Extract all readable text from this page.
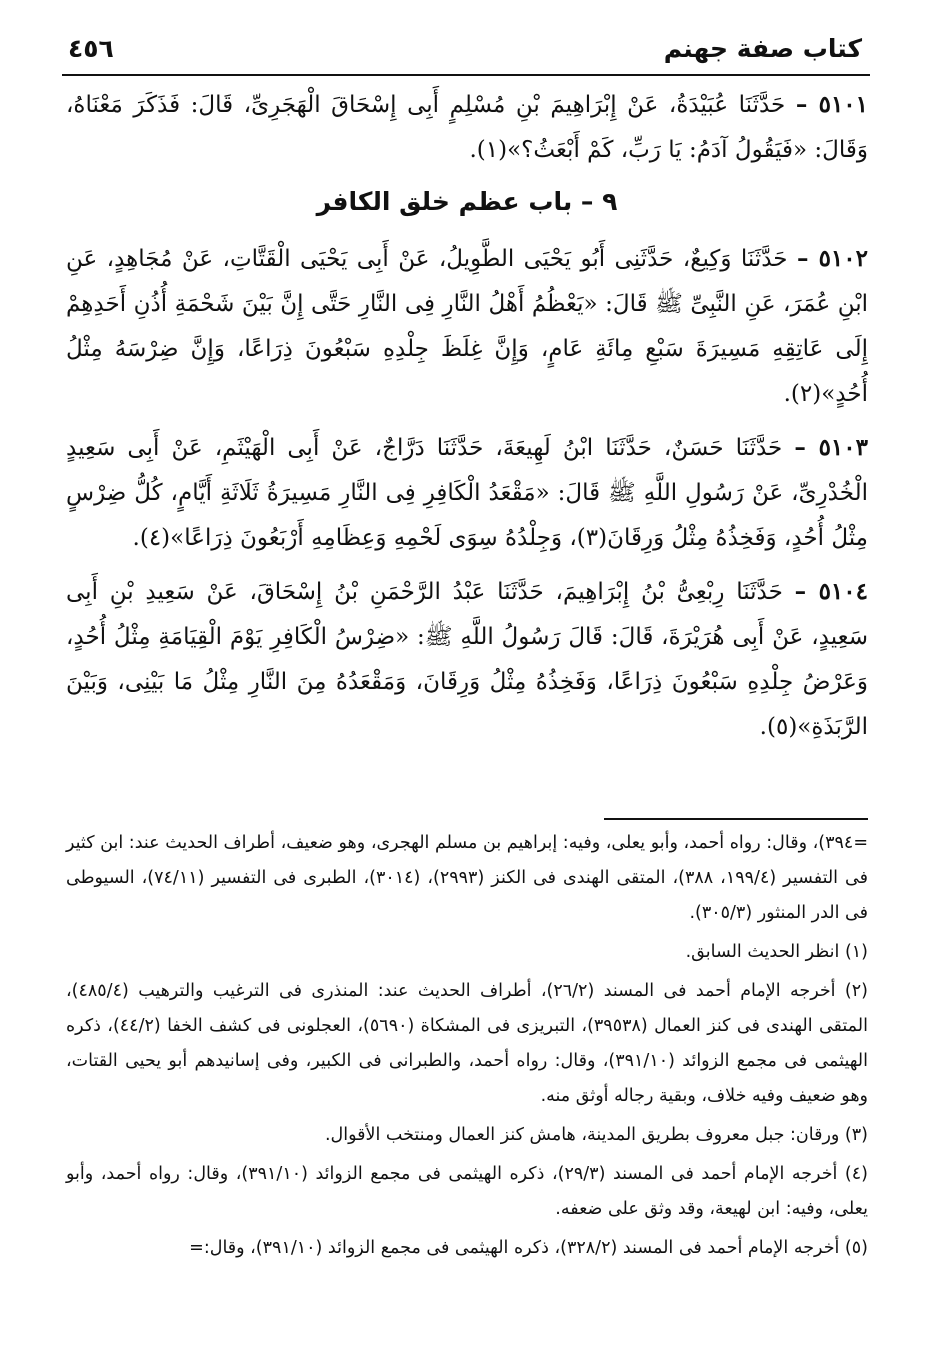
كتاب صفة جهنم
٤٥٦

٥١٠١ – حَدَّثَنَا عُبَيْدَةُ، عَنْ إِبْرَاهِيمَ بْنِ مُسْلِمٍ أَبِى إِسْحَاقَ الْهَجَرِىِّ، قَالَ: فَذَكَرَ مَعْنَاهُ، وَقَالَ: «فَيَقُولُ آدَمُ: يَا رَبِّ، كَمْ أَبْعَثُ؟»(١).

٩ – باب عظم خلق الكافر

٥١٠٢ – حَدَّثَنَا وَكِيعٌ، حَدَّثَنِى أَبُو يَحْيَى الطَّوِيلُ، عَنْ أَبِى يَحْيَى الْقَتَّاتِ، عَنْ مُجَاهِدٍ، عَنِ ابْنِ عُمَرَ، عَنِ النَّبِىِّ ﷺ قَالَ: «يَعْظُمُ أَهْلُ النَّارِ فِى النَّارِ حَتَّى إِنَّ بَيْنَ شَحْمَةِ أُذُنِ أَحَدِهِمْ إِلَى عَاتِقِهِ مَسِيرَةَ سَبْعِ مِائَةِ عَامٍ، وَإِنَّ غِلَظَ جِلْدِهِ سَبْعُونَ ذِرَاعًا، وَإِنَّ ضِرْسَهُ مِثْلُ أُحُدٍ»(٢).

٥١٠٣ – حَدَّثَنَا حَسَنٌ، حَدَّثَنَا ابْنُ لَهِيعَةَ، حَدَّثَنَا دَرَّاجٌ، عَنْ أَبِى الْهَيْثَمِ، عَنْ أَبِى سَعِيدٍ الْخُدْرِىِّ، عَنْ رَسُولِ اللَّهِ ﷺ قَالَ: «مَقْعَدُ الْكَافِرِ فِى النَّارِ مَسِيرَةُ ثَلَاثَةِ أَيَّامٍ، كُلُّ ضِرْسٍ مِثْلُ أُحُدٍ، وَفَخِذُهُ مِثْلُ وَرِقَانَ(٣)، وَجِلْدُهُ سِوَى لَحْمِهِ وَعِظَامِهِ أَرْبَعُونَ ذِرَاعًا»(٤).

٥١٠٤ – حَدَّثَنَا رِبْعِىُّ بْنُ إِبْرَاهِيمَ، حَدَّثَنَا عَبْدُ الرَّحْمَنِ بْنُ إِسْحَاقَ، عَنْ سَعِيدِ بْنِ أَبِى سَعِيدٍ، عَنْ أَبِى هُرَيْرَةَ، قَالَ: قَالَ رَسُولُ اللَّهِ ﷺ: «ضِرْسُ الْكَافِرِ يَوْمَ الْقِيَامَةِ مِثْلُ أُحُدٍ، وَعَرْضُ جِلْدِهِ سَبْعُونَ ذِرَاعًا، وَفَخِذُهُ مِثْلُ وَرِقَانَ، وَمَقْعَدُهُ مِنَ النَّارِ مِثْلُ مَا بَيْنِى، وَبَيْنَ الرَّبَذَةِ»(٥).

=٣٩٤)، وقال: رواه أحمد، وأبو يعلى، وفيه: إبراهيم بن مسلم الهجرى، وهو ضعيف، أطراف الحديث عند: ابن كثير فى التفسير (١٩٩/٤، ٣٨٨)، المتقى الهندى فى الكنز (٢٩٩٣)، (٣٠١٤)، الطبرى فى التفسير (٧٤/١١)، السيوطى فى الدر المنثور (٣٠٥/٣).

(١) انظر الحديث السابق.

(٢) أخرجه الإمام أحمد فى المسند (٢٦/٢)، أطراف الحديث عند: المنذرى فى الترغيب والترهيب (٤٨٥/٤)، المتقى الهندى فى كنز العمال (٣٩٥٣٨)، التبريزى فى المشكاة (٥٦٩٠)، العجلونى فى كشف الخفا (٤٤/٢)، ذكره الهيثمى فى مجمع الزوائد (٣٩١/١٠)، وقال: رواه أحمد، والطبرانى فى الكبير، وفى إسانيدهم أبو يحيى القتات، وهو ضعيف وفيه خلاف، وبقية رجاله أوثق منه.

(٣) ورقان: جبل معروف بطريق المدينة، هامش كنز العمال ومنتخب الأقوال.

(٤) أخرجه الإمام أحمد فى المسند (٢٩/٣)، ذكره الهيثمى فى مجمع الزوائد (٣٩١/١٠)، وقال: رواه أحمد، وأبو يعلى، وفيه: ابن لهيعة، وقد وثق على ضعفه.

(٥) أخرجه الإمام أحمد فى المسند (٣٢٨/٢)، ذكره الهيثمى فى مجمع الزوائد (٣٩١/١٠)، وقال:=
